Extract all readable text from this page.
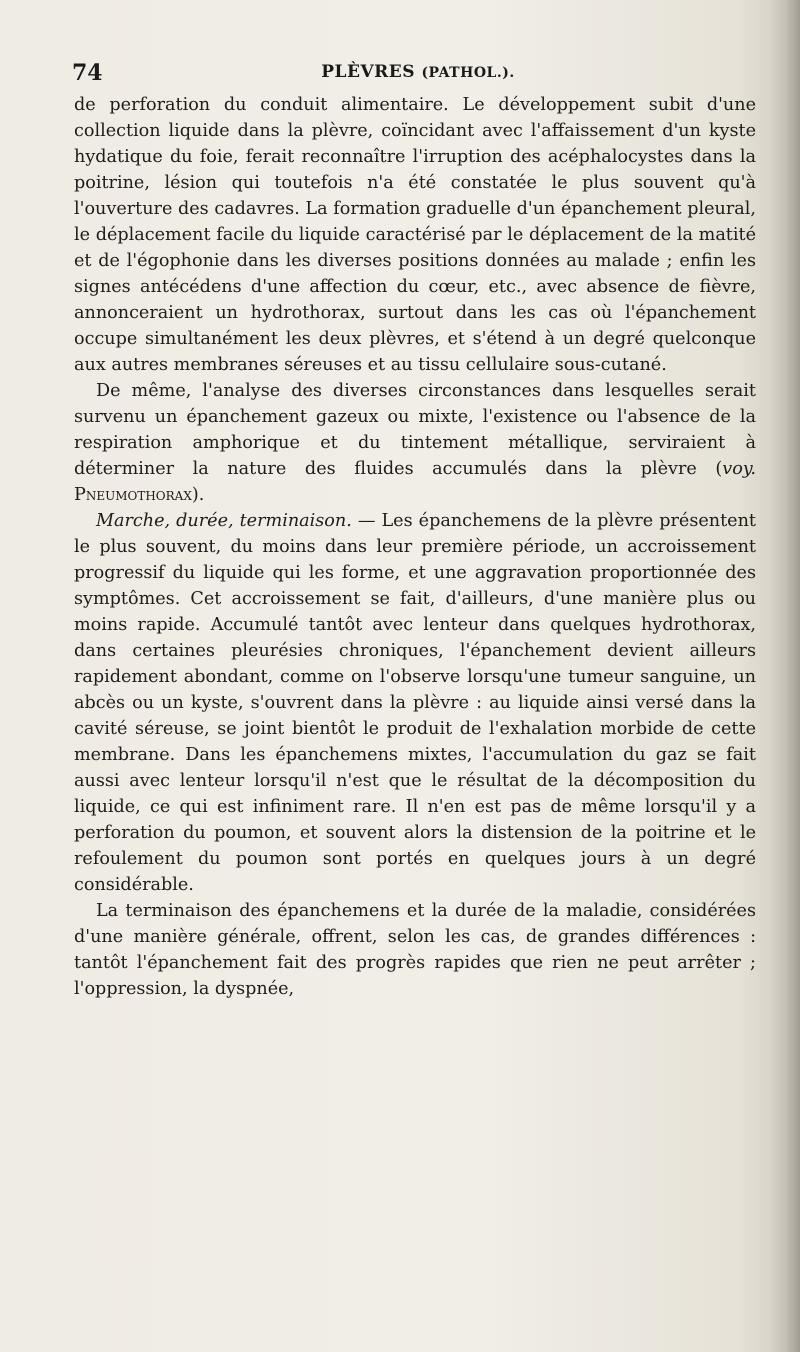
74	PLÈVRES (PATHOL.).

de perforation du conduit alimentaire. Le développement subit d'une collection liquide dans la plèvre, coïncidant avec l'affaissement d'un kyste hydatique du foie, ferait reconnaître l'irruption des acéphalocystes dans la poitrine, lésion qui toutefois n'a été constatée le plus souvent qu'à l'ouverture des cadavres. La formation graduelle d'un épanchement pleural, le déplacement facile du liquide caractérisé par le déplacement de la matité et de l'égophonie dans les diverses positions données au malade ; enfin les signes antécédens d'une affection du cœur, etc., avec absence de fièvre, annonceraient un hydrothorax, surtout dans les cas où l'épanchement occupe simultanément les deux plèvres, et s'étend à un degré quelconque aux autres membranes séreuses et au tissu cellulaire sous-cutané.

De même, l'analyse des diverses circonstances dans lesquelles serait survenu un épanchement gazeux ou mixte, l'existence ou l'absence de la respiration amphorique et du tintement métallique, serviraient à déterminer la nature des fluides accumulés dans la plèvre (voy. Pneumothorax).

Marche, durée, terminaison. — Les épanchemens de la plèvre présentent le plus souvent, du moins dans leur première période, un accroissement progressif du liquide qui les forme, et une aggravation proportionnée des symptômes. Cet accroissement se fait, d'ailleurs, d'une manière plus ou moins rapide. Accumulé tantôt avec lenteur dans quelques hydrothorax, dans certaines pleurésies chroniques, l'épanchement devient ailleurs rapidement abondant, comme on l'observe lorsqu'une tumeur sanguine, un abcès ou un kyste, s'ouvrent dans la plèvre : au liquide ainsi versé dans la cavité séreuse, se joint bientôt le produit de l'exhalation morbide de cette membrane. Dans les épanchemens mixtes, l'accumulation du gaz se fait aussi avec lenteur lorsqu'il n'est que le résultat de la décomposition du liquide, ce qui est infiniment rare. Il n'en est pas de même lorsqu'il y a perforation du poumon, et souvent alors la distension de la poitrine et le refoulement du poumon sont portés en quelques jours à un degré considérable.

La terminaison des épanchemens et la durée de la maladie, considérées d'une manière générale, offrent, selon les cas, de grandes différences : tantôt l'épanchement fait des progrès rapides que rien ne peut arrêter ; l'oppression, la dyspnée,
